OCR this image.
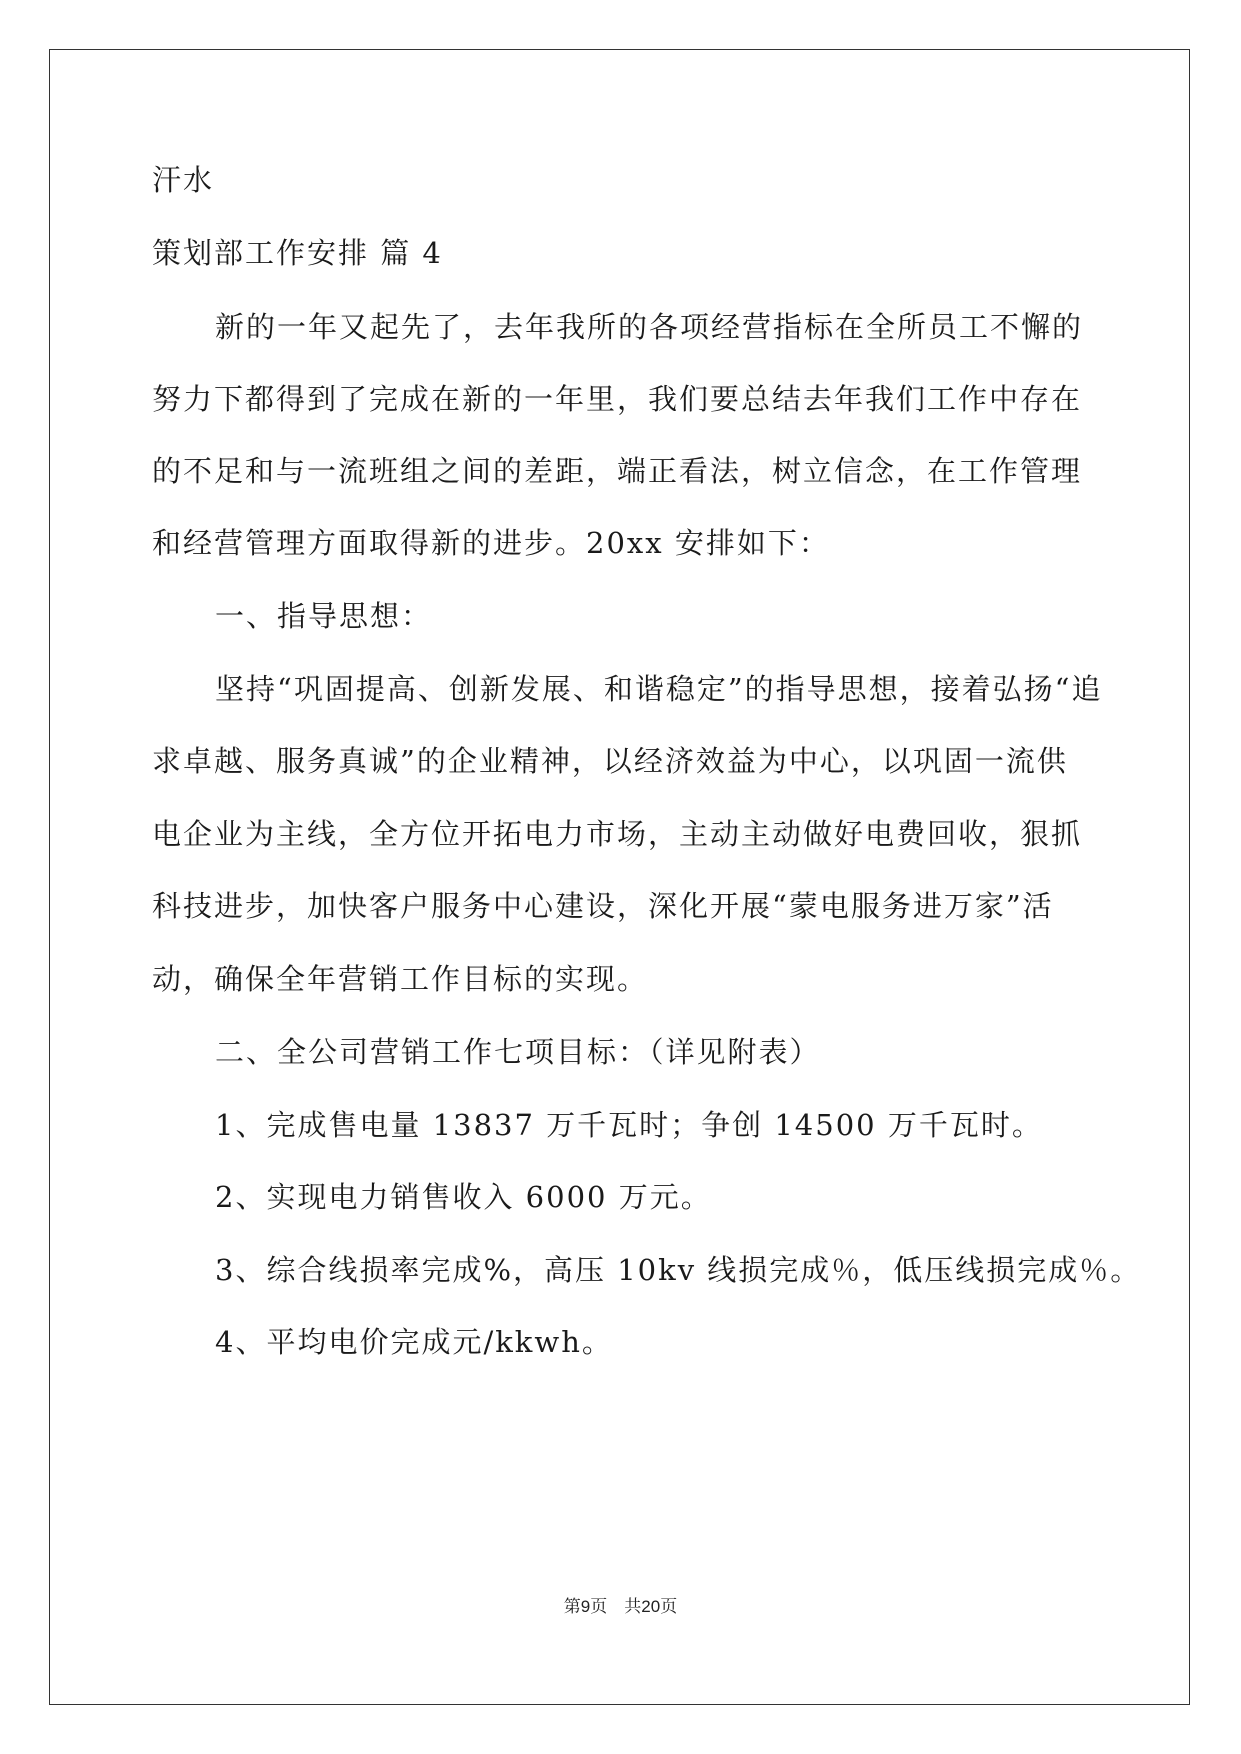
汗水
策划部工作安排 篇 4
新的一年又起先了，去年我所的各项经营指标在全所员工不懈的
努力下都得到了完成在新的一年里，我们要总结去年我们工作中存在
的不足和与一流班组之间的差距，端正看法，树立信念，在工作管理
和经营管理方面取得新的进步。20xx 安排如下：
一、指导思想：
坚持“巩固提高、创新发展、和谐稳定”的指导思想，接着弘扬“追
求卓越、服务真诚”的企业精神，以经济效益为中心，以巩固一流供
电企业为主线，全方位开拓电力市场，主动主动做好电费回收，狠抓
科技进步，加快客户服务中心建设，深化开展“蒙电服务进万家”活
动，确保全年营销工作目标的实现。
二、全公司营销工作七项目标：（详见附表）
1、完成售电量 13837 万千瓦时；争创 14500 万千瓦时。
2、实现电力销售收入 6000 万元。
3、综合线损率完成%，高压 10kv 线损完成％，低压线损完成％。
4、平均电价完成元/kkwh。
第9页　共20页
